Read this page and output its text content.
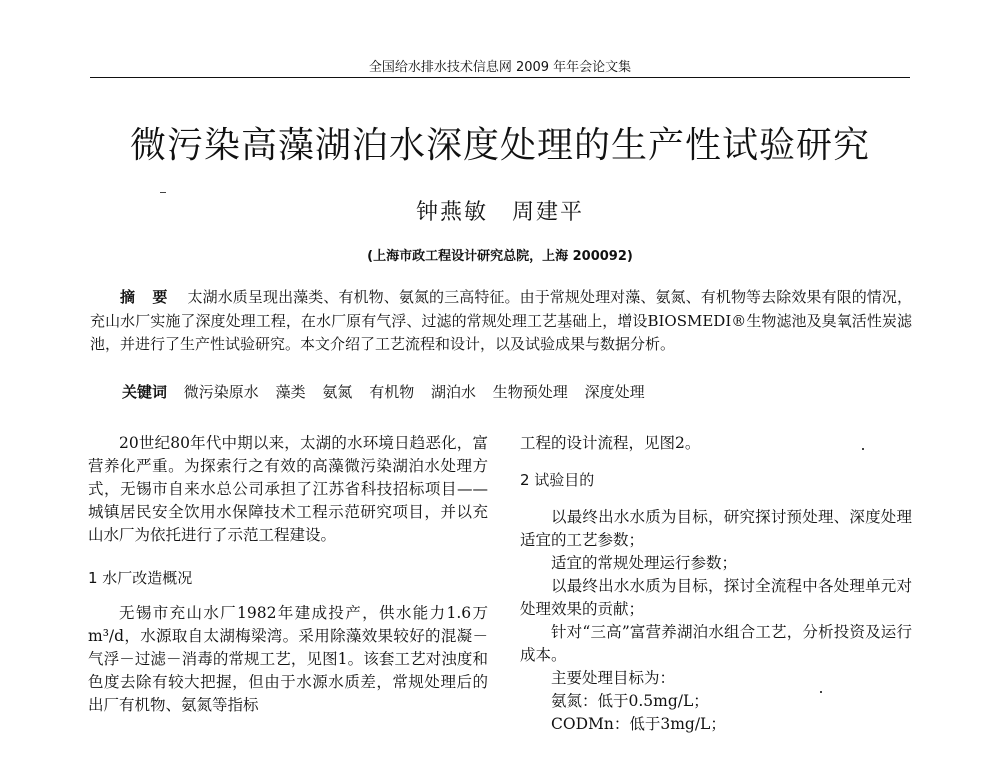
全国给水排水技术信息网 2009 年年会论文集
微污染高藻湖泊水深度处理的生产性试验研究
钟燕敏　周建平
(上海市政工程设计研究总院，上海 200092)

摘 要 太湖水质呈现出藻类、有机物、氨氮的三高特征。由于常规处理对藻、氨氮、有机物等去除效果有限的情况，充山水厂实施了深度处理工程，在水厂原有气浮、过滤的常规处理工艺基础上，增设BIOSMEDI®生物滤池及臭氧活性炭滤池，并进行了生产性试验研究。本文介绍了工艺流程和设计，以及试验成果与数据分析。

关键词 微污染原水 藻类 氨氮 有机物 湖泊水 生物预处理 深度处理

20世纪80年代中期以来，太湖的水环境日趋恶化，富营养化严重。为探索行之有效的高藻微污染湖泊水处理方式，无锡市自来水总公司承担了江苏省科技招标项目——城镇居民安全饮用水保障技术工程示范研究项目，并以充山水厂为依托进行了示范工程建设。

1 水厂改造概况

无锡市充山水厂1982年建成投产，供水能力1.6万m³/d，水源取自太湖梅梁湾。采用除藻效果较好的混凝－气浮－过滤－消毒的常规工艺，见图1。该套工艺对浊度和色度去除有较大把握，但由于水源水质差，常规处理后的出厂有机物、氨氮等指标

工程的设计流程，见图2。

2 试验目的

以最终出水水质为目标，研究探讨预处理、深度处理适宜的工艺参数；

适宜的常规处理运行参数；

以最终出水水质为目标，探讨全流程中各处理单元对处理效果的贡献；

针对“三高”富营养湖泊水组合工艺，分析投资及运行成本。

主要处理目标为：

氨氮：低于0.5mg/L；

CODMn：低于3mg/L；
